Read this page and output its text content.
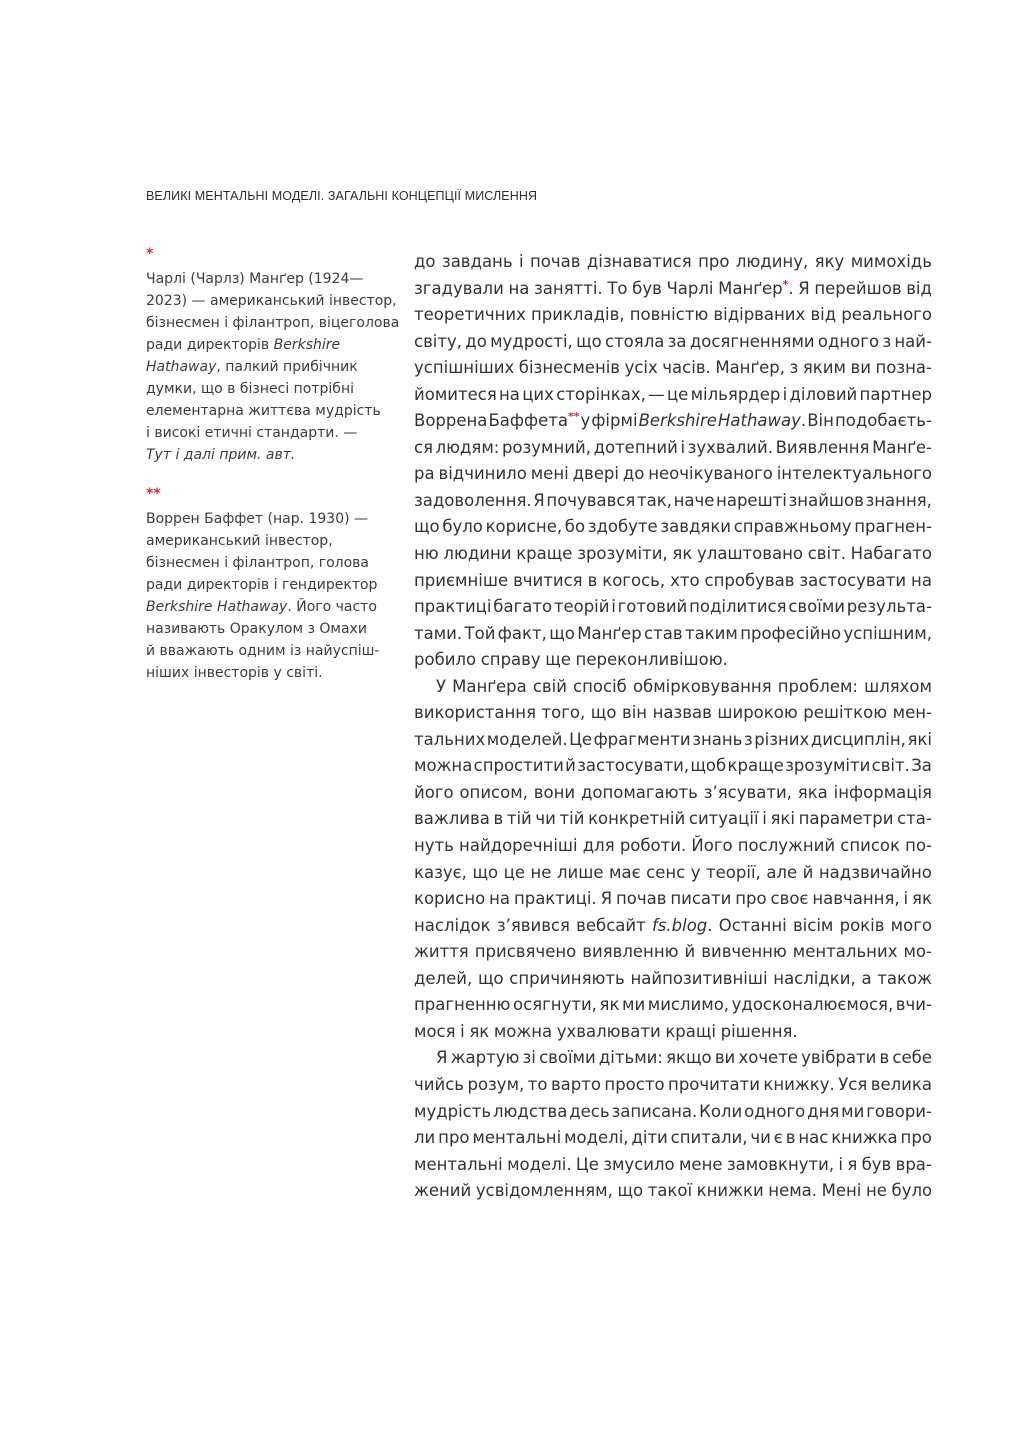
ВЕЛИКІ МЕНТАЛЬНІ МОДЕЛІ. ЗАГАЛЬНІ КОНЦЕПЦІЇ МИСЛЕННЯ
*
Чарлі (Чарлз) Манґер (1924—
2023) — американський інвестор,
бізнесмен і філантроп, віцеголова
ради директорів Berkshire
Hathaway, палкий прибічник
думки, що в бізнесі потрібні
елементарна життєва мудрість
і високі етичні стандарти. —
Тут і далі прим. авт.
**
Воррен Баффет (нар. 1930) —
американський інвестор,
бізнесмен і філантроп, голова
ради директорів і гендиректор
Berkshire Hathaway. Його часто
називають Оракулом з Омахи
й вважають одним із найуспіш-
ніших інвесторів у світі.
до завдань і почав дізнаватися про людину, яку мимохідь
згадували на занятті. То був Чарлі Манґер*. Я перейшов від
теоретичних прикладів, повністю відірваних від реального
світу, до мудрості, що стояла за досягненнями одного з най-
успішніших бізнесменів усіх часів. Манґер, з яким ви позна-
йомитеся на цих сторінках, — це мільярдер і діловий партнер
Воррена Баффета** у фірмі Berkshire Hathaway. Він подобаєть-
ся людям: розумний, дотепний і зухвалий. Виявлення Манґе-
ра відчинило мені двері до неочікуваного інтелектуального
задоволення. Я почувався так, наче нарешті знайшов знання,
що було корисне, бо здобуте завдяки справжньому прагнен-
ню людини краще зрозуміти, як улаштовано світ. Набагато
приємніше вчитися в когось, хто спробував застосувати на
практиці багато теорій і готовий поділитися своїми результа-
тами. Той факт, що Манґер став таким професійно успішним,
робило справу ще переконливішою.
У Манґера свій спосіб обмірковування проблем: шляхом
використання того, що він назвав широкою решіткою мен-
тальних моделей. Це фрагменти знань з різних дисциплін, які
можна спростити й застосувати, щоб краще зрозуміти світ. За
його описом, вони допомагають з’ясувати, яка інформація
важлива в тій чи тій конкретній ситуації і які параметри ста-
нуть найдоречніші для роботи. Його послужний список по-
казує, що це не лише має сенс у теорії, але й надзвичайно
корисно на практиці. Я почав писати про своє навчання, і як
наслідок з’явився вебсайт fs.blog. Останні вісім років мого
життя присвячено виявленню й вивченню ментальних мо-
делей, що спричиняють найпозитивніші наслідки, а також
прагненню осягнути, як ми мислимо, удосконалюємося, вчи-
мося і як можна ухвалювати кращі рішення.
Я жартую зі своїми дітьми: якщо ви хочете увібрати в себе
чийсь розум, то варто просто прочитати книжку. Уся велика
мудрість людства десь записана. Коли одного дня ми говори-
ли про ментальні моделі, діти спитали, чи є в нас книжка про
ментальні моделі. Це змусило мене замовкнути, і я був вра-
жений усвідомленням, що такої книжки нема. Мені не було
